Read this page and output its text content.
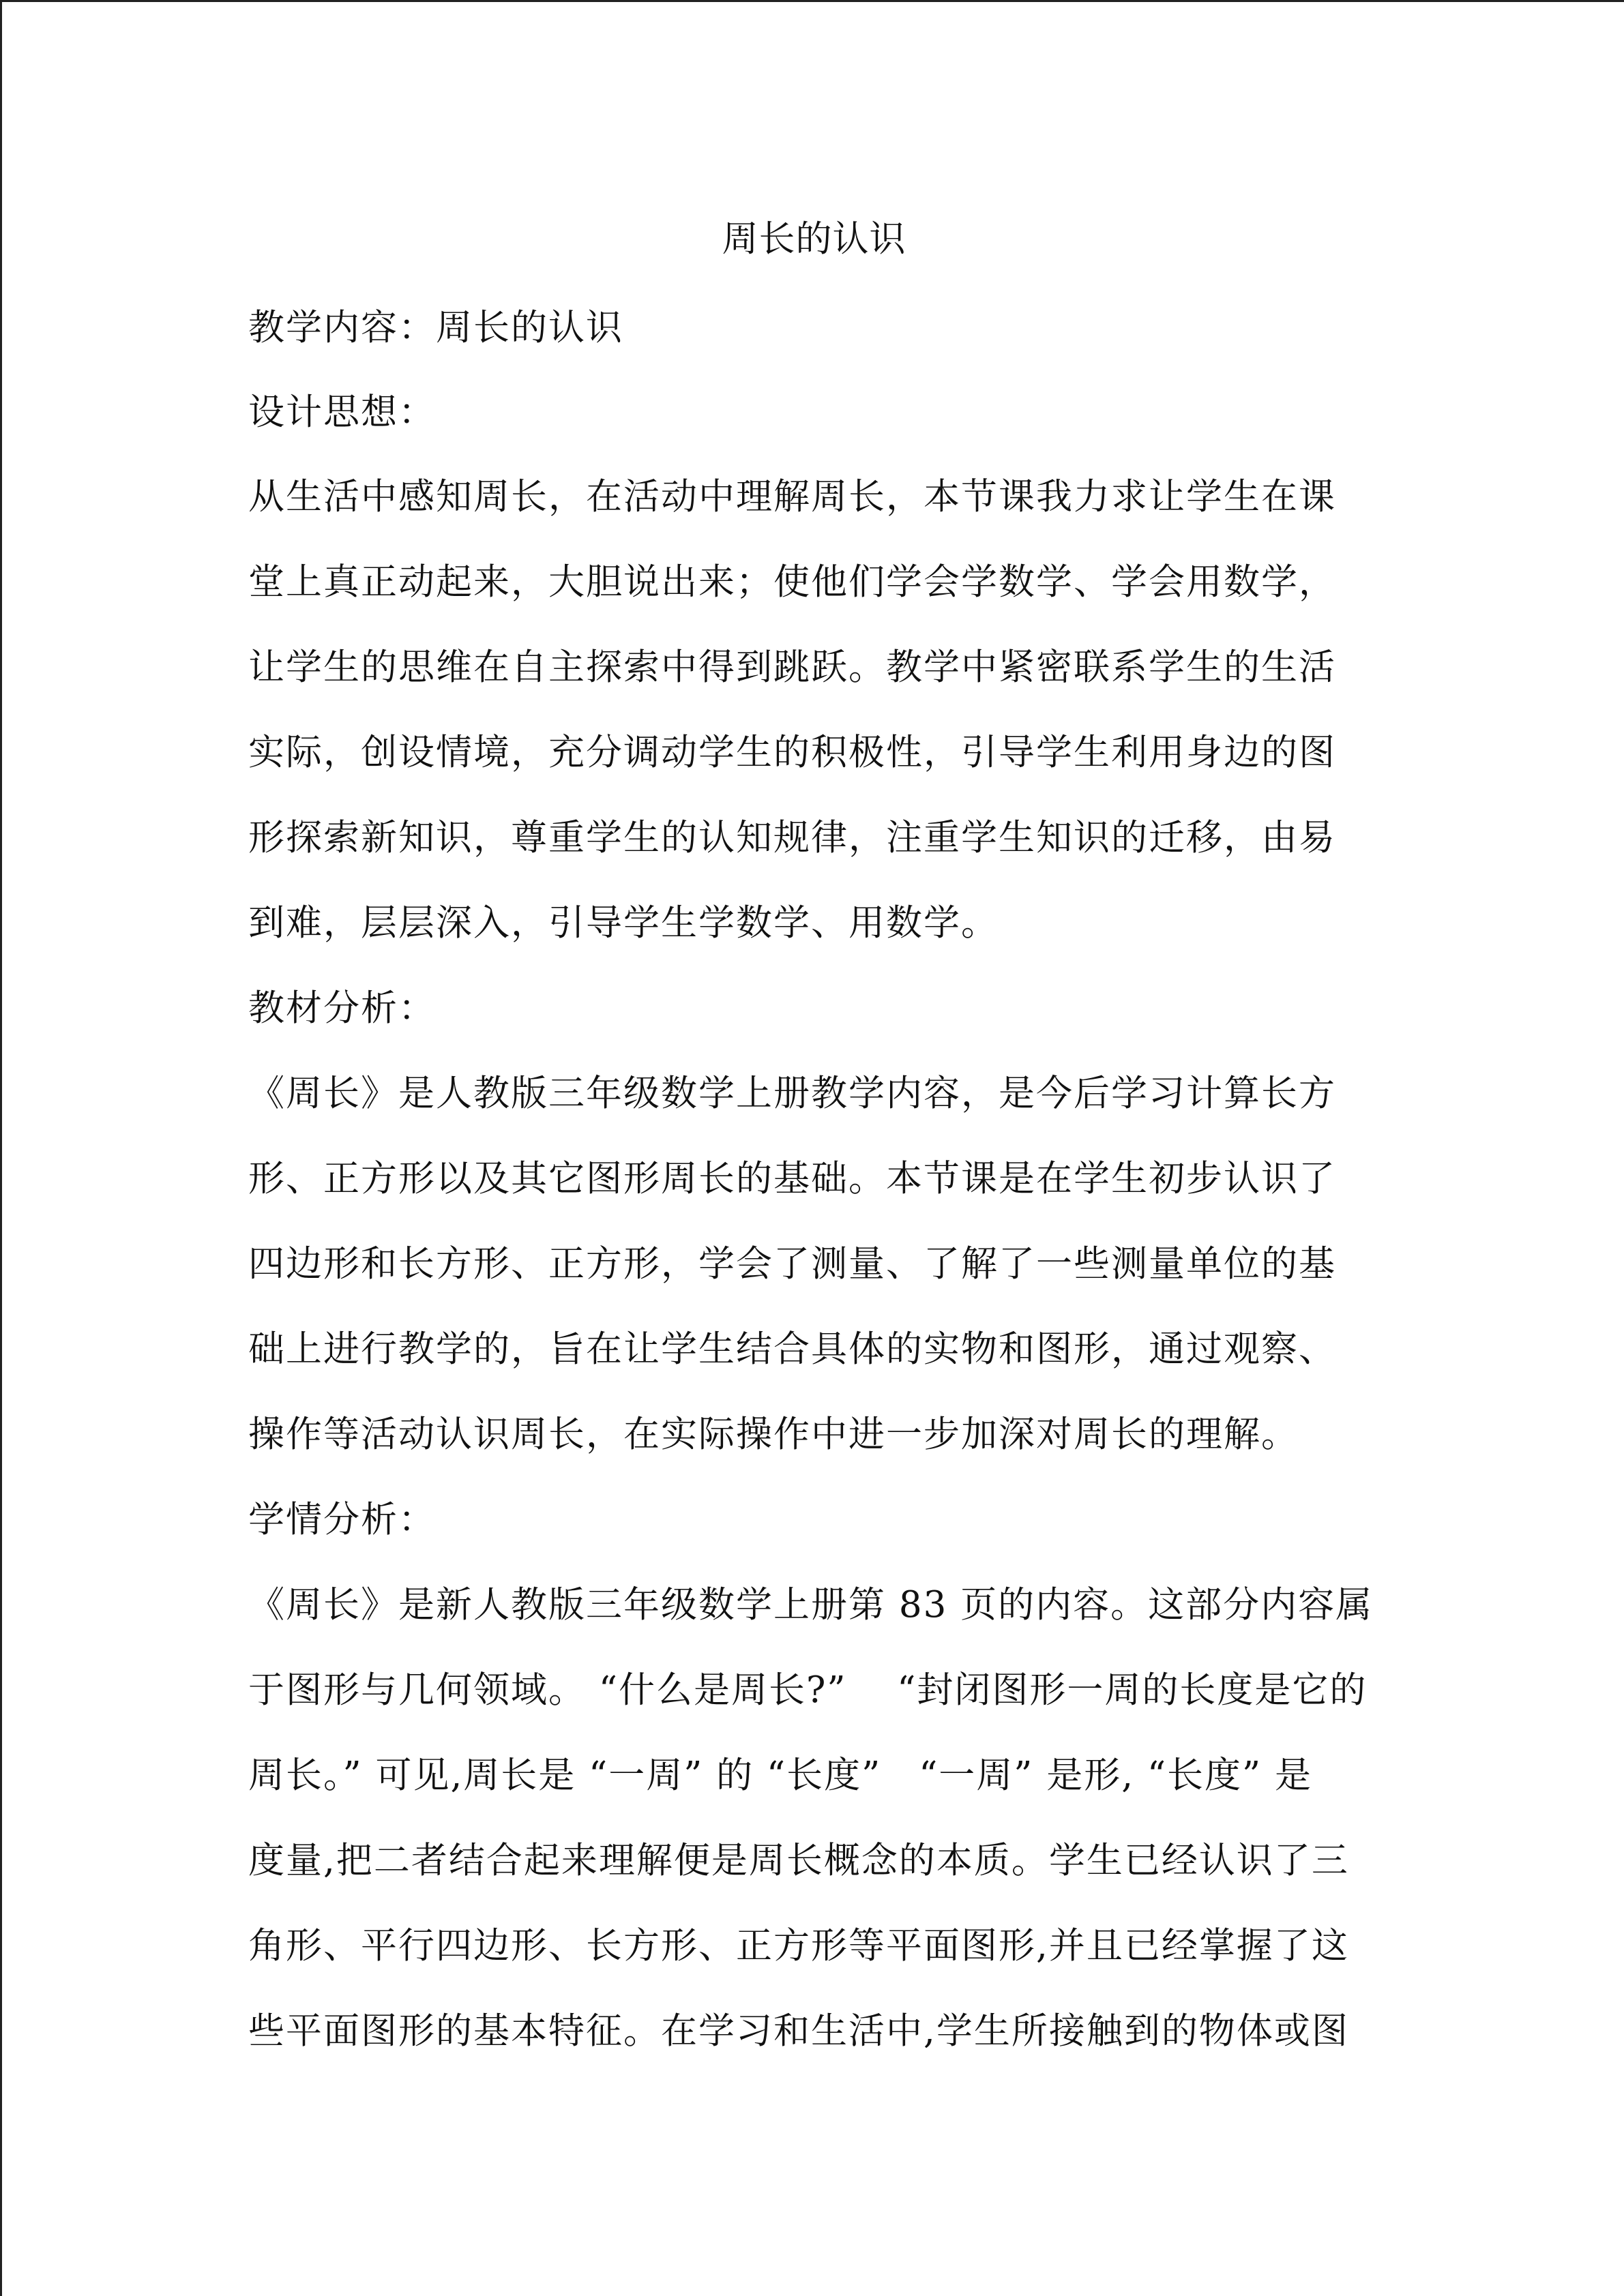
周长的认识
教学内容：周长的认识
设计思想：
从生活中感知周长，在活动中理解周长，本节课我力求让学生在课
堂上真正动起来，大胆说出来；使他们学会学数学、学会用数学，
让学生的思维在自主探索中得到跳跃。教学中紧密联系学生的生活
实际，创设情境，充分调动学生的积极性，引导学生利用身边的图
形探索新知识，尊重学生的认知规律，注重学生知识的迁移，由易
到难，层层深入，引导学生学数学、用数学。
教材分析：
《周长》是人教版三年级数学上册教学内容，是今后学习计算长方
形、正方形以及其它图形周长的基础。本节课是在学生初步认识了
四边形和长方形、正方形，学会了测量、了解了一些测量单位的基
础上进行教学的，旨在让学生结合具体的实物和图形，通过观察、
操作等活动认识周长，在实际操作中进一步加深对周长的理解。
学情分析：
《周长》是新人教版三年级数学上册第 83 页的内容。这部分内容属
于图形与几何领域。 “什么是周长?”　 “封闭图形一周的长度是它的
周长。” 可见,周长是 “一周” 的 “长度”　“一周” 是形, “长度” 是
度量,把二者结合起来理解便是周长概念的本质。学生已经认识了三
角形、平行四边形、长方形、正方形等平面图形,并且已经掌握了这
些平面图形的基本特征。在学习和生活中,学生所接触到的物体或图
